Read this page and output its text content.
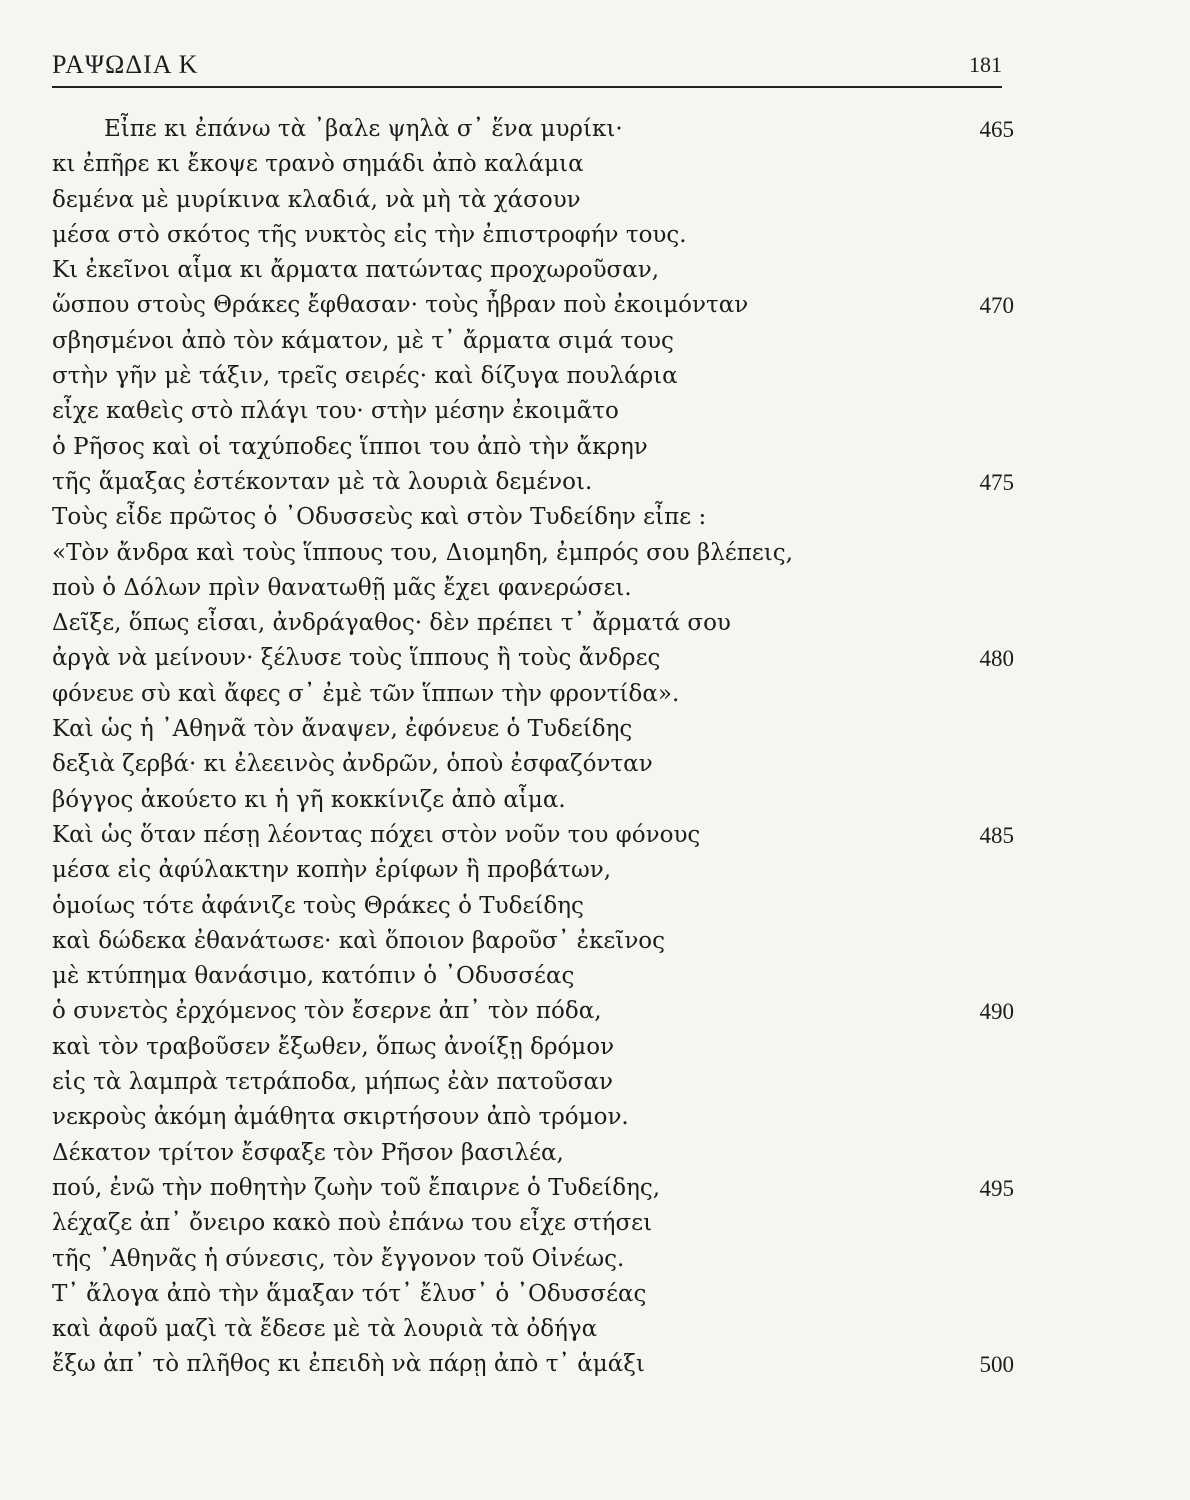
ΡΑΨΩΔΙΑ Κ	181
Εἶπε κι ἐπάνω τὰ ᾿βαλε ψηλὰ σ᾿ ἕνα μυρίκι·	465
κι ἐπῆρε κι ἔκοψε τρανὸ σημάδι ἀπὸ καλάμια
δεμένα μὲ μυρίκινα κλαδιά, νὰ μὴ τὰ χάσουν
μέσα στὸ σκότος τῆς νυκτὸς εἰς τὴν ἐπιστροφήν τους.
Κι ἐκεῖνοι αἷμα κι ἄρματα πατώντας προχωροῦσαν,
ὥσπου στοὺς Θράκες ἔφθασαν· τοὺς ἦβραν ποὺ ἐκοιμόνταν	470
σβησμένοι ἀπὸ τὸν κάματον, μὲ τ᾿ ἄρματα σιμά τους
στὴν γῆν μὲ τάξιν, τρεῖς σειρές· καὶ δίζυγα πουλάρια
εἶχε καθεὶς στὸ πλάγι του· στὴν μέσην ἐκοιμᾶτο
ὁ Ρῆσος καὶ οἱ ταχύποδες ἵπποι του ἀπὸ τὴν ἄκρην
τῆς ἅμαξας ἐστέκονταν μὲ τὰ λουριὰ δεμένοι.	475
Τοὺς εἶδε πρῶτος ὁ ᾿Οδυσσεὺς καὶ στὸν Τυδείδην εἶπε :
«Τὸν ἄνδρα καὶ τοὺς ἵππους του, Διομηδη, ἐμπρός σου βλέπεις,
ποὺ ὁ Δόλων πρὶν θανατωθῇ μᾶς ἔχει φανερώσει.
Δεῖξε, ὅπως εἶσαι, ἀνδράγαθος· δὲν πρέπει τ᾿ ἄρματά σου
ἀργὰ νὰ μείνουν· ξέλυσε τοὺς ἵππους ἢ τοὺς ἄνδρες	480
φόνευε σὺ καὶ ἄφες σ᾿ ἐμὲ τῶν ἵππων τὴν φροντίδα».
Καὶ ὡς ἡ ᾿Αθηνᾶ τὸν ἄναψεν, ἐφόνευε ὁ Τυδείδης
δεξιὰ ζερβά· κι ἐλεεινὸς ἀνδρῶν, ὁποὺ ἐσφαζόνταν
βόγγος ἀκούετο κι ἡ γῆ κοκκίνιζε ἀπὸ αἷμα.
Καὶ ὡς ὅταν πέσῃ λέοντας πόχει στὸν νοῦν του φόνους	485
μέσα εἰς ἀφύλακτην κοπὴν ἐρίφων ἢ προβάτων,
ὁμοίως τότε ἀφάνιζε τοὺς Θράκες ὁ Τυδείδης
καὶ δώδεκα ἐθανάτωσε· καὶ ὅποιον βαροῦσ᾿ ἐκεῖνος
μὲ κτύπημα θανάσιμο, κατόπιν ὁ ᾿Οδυσσέας
ὁ συνετὸς ἐρχόμενος τὸν ἔσερνε ἀπ᾿ τὸν πόδα,	490
καὶ τὸν τραβοῦσεν ἔξωθεν, ὅπως ἀνοίξῃ δρόμον
εἰς τὰ λαμπρὰ τετράποδα, μήπως ἐὰν πατοῦσαν
νεκροὺς ἀκόμη ἀμάθητα σκιρτήσουν ἀπὸ τρόμον.
Δέκατον τρίτον ἔσφαξε τὸν Ρῆσον βασιλέα,
πού, ἐνῶ τὴν ποθητὴν ζωὴν τοῦ ἔπαιρνε ὁ Τυδείδης,	495
λέχαζε ἀπ᾿ ὄνειρο κακὸ ποὺ ἐπάνω του εἶχε στήσει
τῆς ᾿Αθηνᾶς ἡ σύνεσις, τὸν ἔγγονον τοῦ Οἰνέως.
Τ᾿ ἄλογα ἀπὸ τὴν ἅμαξαν τότ᾿ ἔλυσ᾿ ὁ ᾿Οδυσσέας
καὶ ἀφοῦ μαζὶ τὰ ἔδεσε μὲ τὰ λουριὰ τὰ ὀδήγα
ἔξω ἀπ᾿ τὸ πλῆθος κι ἐπειδὴ νὰ πάρῃ ἀπὸ τ᾿ ἁμάξι	500
